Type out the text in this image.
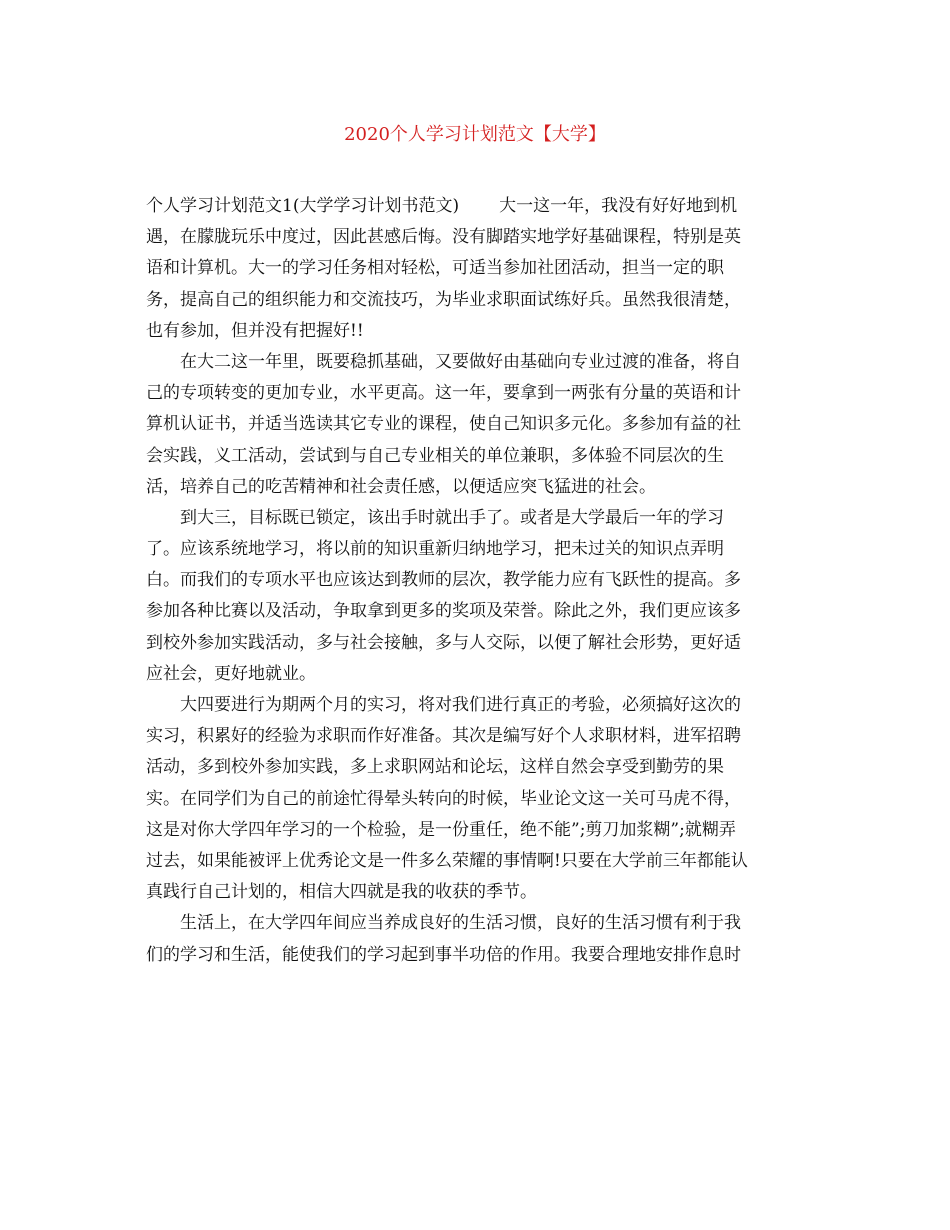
2020个人学习计划范文【大学】
个人学习计划范文1(大学学习计划书范文) 大一这一年，我没有好好地到机
遇，在朦胧玩乐中度过，因此甚感后悔。没有脚踏实地学好基础课程，特别是英
语和计算机。大一的学习任务相对轻松，可适当参加社团活动，担当一定的职
务，提高自己的组织能力和交流技巧，为毕业求职面试练好兵。虽然我很清楚，
也有参加，但并没有把握好!!
在大二这一年里，既要稳抓基础，又要做好由基础向专业过渡的准备，将自
己的专项转变的更加专业，水平更高。这一年，要拿到一两张有分量的英语和计
算机认证书，并适当选读其它专业的课程，使自己知识多元化。多参加有益的社
会实践，义工活动，尝试到与自己专业相关的单位兼职，多体验不同层次的生
活，培养自己的吃苦精神和社会责任感，以便适应突飞猛进的社会。
到大三，目标既已锁定，该出手时就出手了。或者是大学最后一年的学习
了。应该系统地学习，将以前的知识重新归纳地学习，把未过关的知识点弄明
白。而我们的专项水平也应该达到教师的层次，教学能力应有飞跃性的提高。多
参加各种比赛以及活动，争取拿到更多的奖项及荣誉。除此之外，我们更应该多
到校外参加实践活动，多与社会接触，多与人交际，以便了解社会形势，更好适
应社会，更好地就业。
大四要进行为期两个月的实习，将对我们进行真正的考验，必须搞好这次的
实习，积累好的经验为求职而作好准备。其次是编写好个人求职材料，进军招聘
活动，多到校外参加实践，多上求职网站和论坛，这样自然会享受到勤劳的果
实。在同学们为自己的前途忙得晕头转向的时候，毕业论文这一关可马虎不得，
这是对你大学四年学习的一个检验，是一份重任，绝不能”;剪刀加浆糊”;就糊弄
过去，如果能被评上优秀论文是一件多么荣耀的事情啊!只要在大学前三年都能认
真践行自己计划的，相信大四就是我的收获的季节。
生活上，在大学四年间应当养成良好的生活习惯，良好的生活习惯有利于我
们的学习和生活，能使我们的学习起到事半功倍的作用。我要合理地安排作息时
